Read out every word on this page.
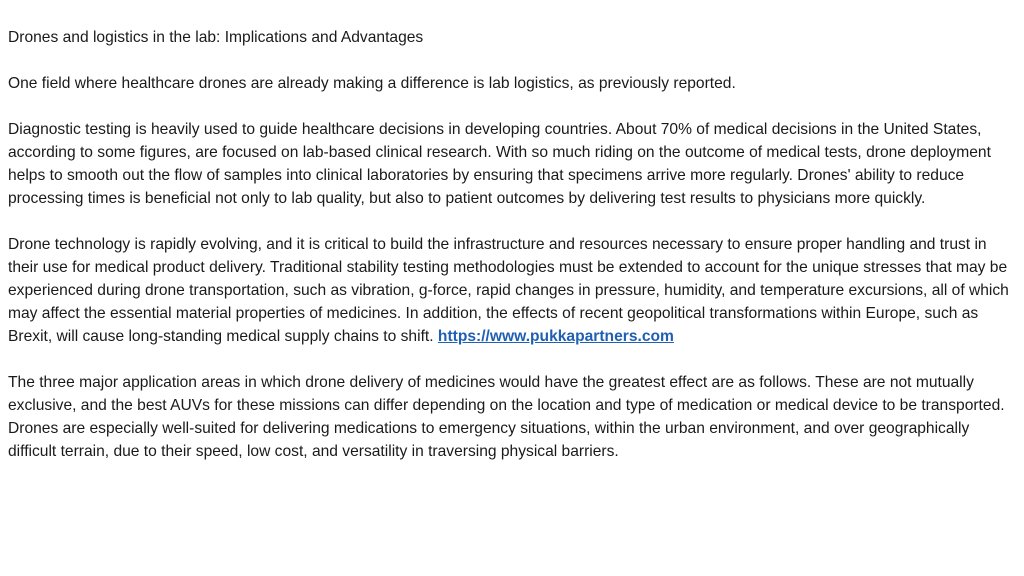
Drones and logistics in the lab: Implications and Advantages

One field where healthcare drones are already making a difference is lab logistics, as previously reported.

Diagnostic testing is heavily used to guide healthcare decisions in developing countries. About 70% of medical decisions in the United States, according to some figures, are focused on lab-based clinical research. With so much riding on the outcome of medical tests, drone deployment helps to smooth out the flow of samples into clinical laboratories by ensuring that specimens arrive more regularly. Drones' ability to reduce processing times is beneficial not only to lab quality, but also to patient outcomes by delivering test results to physicians more quickly.

Drone technology is rapidly evolving, and it is critical to build the infrastructure and resources necessary to ensure proper handling and trust in their use for medical product delivery. Traditional stability testing methodologies must be extended to account for the unique stresses that may be experienced during drone transportation, such as vibration, g-force, rapid changes in pressure, humidity, and temperature excursions, all of which may affect the essential material properties of medicines. In addition, the effects of recent geopolitical transformations within Europe, such as Brexit, will cause long-standing medical supply chains to shift. https://www.pukkapartners.com

The three major application areas in which drone delivery of medicines would have the greatest effect are as follows. These are not mutually exclusive, and the best AUVs for these missions can differ depending on the location and type of medication or medical device to be transported. Drones are especially well-suited for delivering medications to emergency situations, within the urban environment, and over geographically difficult terrain, due to their speed, low cost, and versatility in traversing physical barriers.
